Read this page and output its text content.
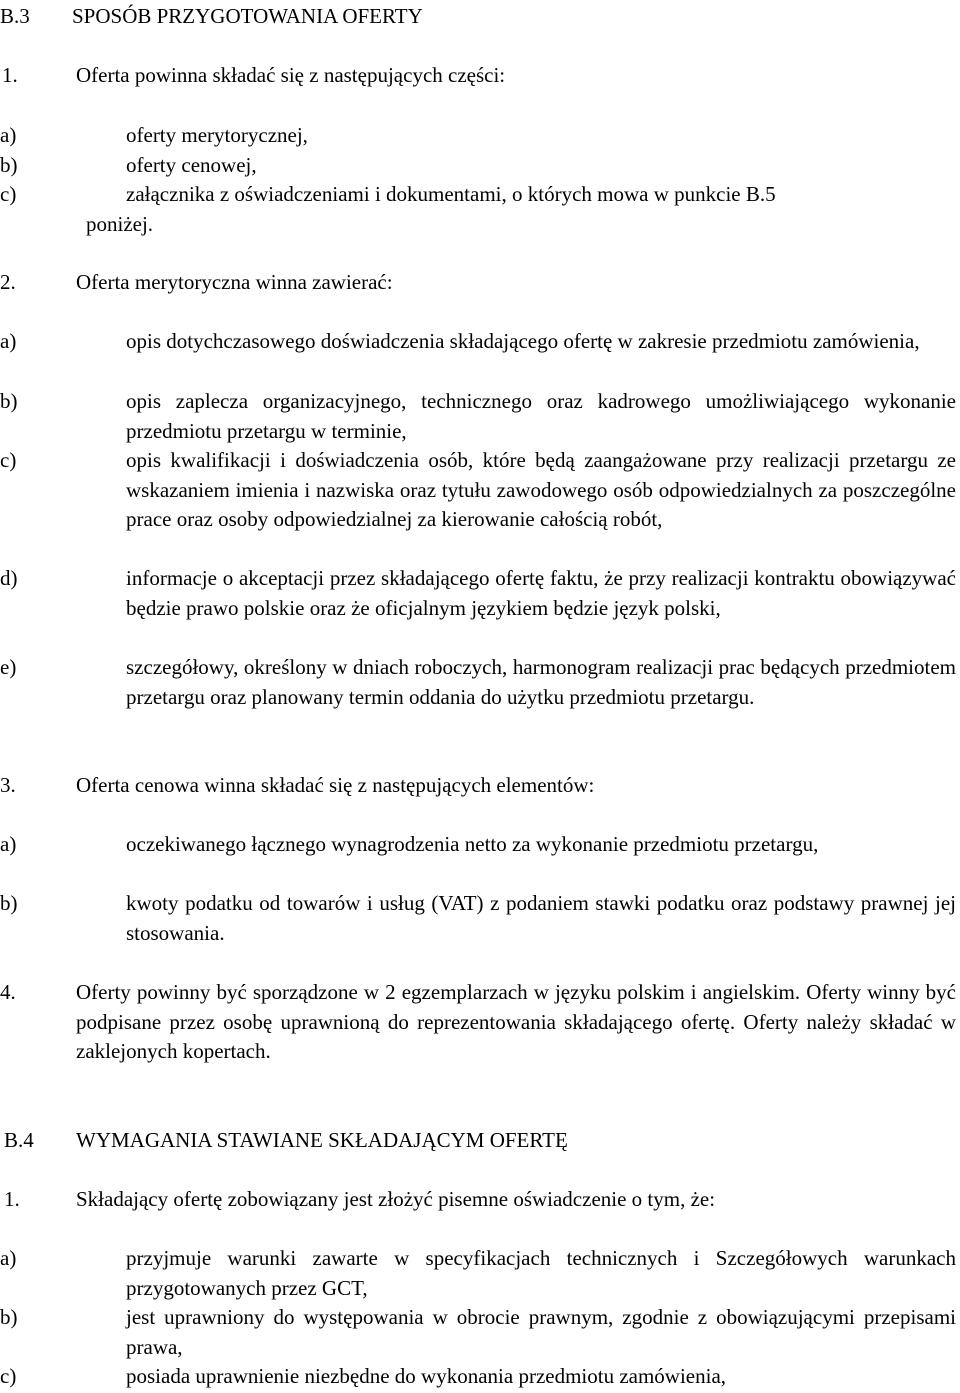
B.3 SPOSÓB PRZYGOTOWANIA OFERTY
1.	Oferta powinna składać się z następujących części:
a)	oferty merytorycznej,
b)	oferty cenowej,
c)	załącznika z oświadczeniami i dokumentami, o których mowa w punkcie B.5
poniżej.
2.	Oferta merytoryczna winna zawierać:
a)	opis dotychczasowego doświadczenia składającego ofertę w zakresie przedmiotu zamówienia,
b)	opis zaplecza organizacyjnego, technicznego oraz kadrowego umożliwiającego wykonanie przedmiotu przetargu w terminie,
c)	opis kwalifikacji i doświadczenia osób, które będą zaangażowane przy realizacji przetargu ze wskazaniem imienia i nazwiska oraz tytułu zawodowego osób odpowiedzialnych za poszczególne prace oraz osoby odpowiedzialnej za kierowanie całością robót,
d)	informacje o akceptacji przez składającego ofertę faktu, że przy realizacji kontraktu obowiązywać będzie prawo polskie oraz że oficjalnym językiem będzie język polski,
e)	szczegółowy, określony w dniach roboczych, harmonogram realizacji prac będących przedmiotem przetargu oraz planowany termin oddania do użytku przedmiotu przetargu.
3.	Oferta cenowa winna składać się z następujących elementów:
a)	oczekiwanego łącznego wynagrodzenia netto za wykonanie przedmiotu przetargu,
b)	kwoty podatku od towarów i usług (VAT) z podaniem stawki podatku oraz podstawy prawnej jej stosowania.
4.	Oferty powinny być sporządzone w 2 egzemplarzach w języku polskim i angielskim. Oferty winny być podpisane przez osobę uprawnioną do reprezentowania składającego ofertę. Oferty należy składać w zaklejonych kopertach.
B.4 WYMAGANIA STAWIANE SKŁADAJĄCYM OFERTĘ
1.	Składający ofertę zobowiązany jest złożyć pisemne oświadczenie o tym, że:
a)	przyjmuje warunki zawarte w specyfikacjach technicznych i Szczegółowych warunkach przygotowanych przez GCT,
b)	jest uprawniony do występowania w obrocie prawnym, zgodnie z obowiązującymi przepisami prawa,
c)	posiada uprawnienie niezbędne do wykonania przedmiotu zamówienia,
